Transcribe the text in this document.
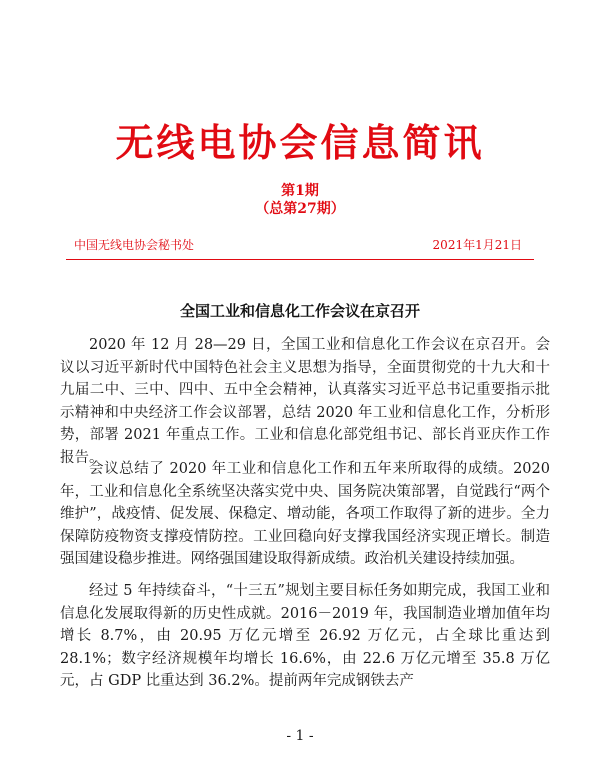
无线电协会信息简讯
第1期
（总第27期）
中国无线电协会秘书处	2021年1月21日
全国工业和信息化工作会议在京召开

2020 年 12 月 28—29 日，全国工业和信息化工作会议在京召开。会议以习近平新时代中国特色社会主义思想为指导，全面贯彻党的十九大和十九届二中、三中、四中、五中全会精神，认真落实习近平总书记重要指示批示精神和中央经济工作会议部署，总结 2020 年工业和信息化工作，分析形势，部署 2021 年重点工作。工业和信息化部党组书记、部长肖亚庆作工作报告。

会议总结了 2020 年工业和信息化工作和五年来所取得的成绩。2020 年，工业和信息化全系统坚决落实党中央、国务院决策部署，自觉践行“两个维护”，战疫情、促发展、保稳定、增动能，各项工作取得了新的进步。全力保障防疫物资支撑疫情防控。工业回稳向好支撑我国经济实现正增长。制造强国建设稳步推进。网络强国建设取得新成绩。政治机关建设持续加强。

经过 5 年持续奋斗，“十三五”规划主要目标任务如期完成，我国工业和信息化发展取得新的历史性成就。2016－2019 年，我国制造业增加值年均增长 8.7%，由 20.95 万亿元增至 26.92 万亿元，占全球比重达到 28.1%；数字经济规模年均增长 16.6%，由 22.6 万亿元增至 35.8 万亿元，占 GDP 比重达到 36.2%。提前两年完成钢铁去产

- 1 -
